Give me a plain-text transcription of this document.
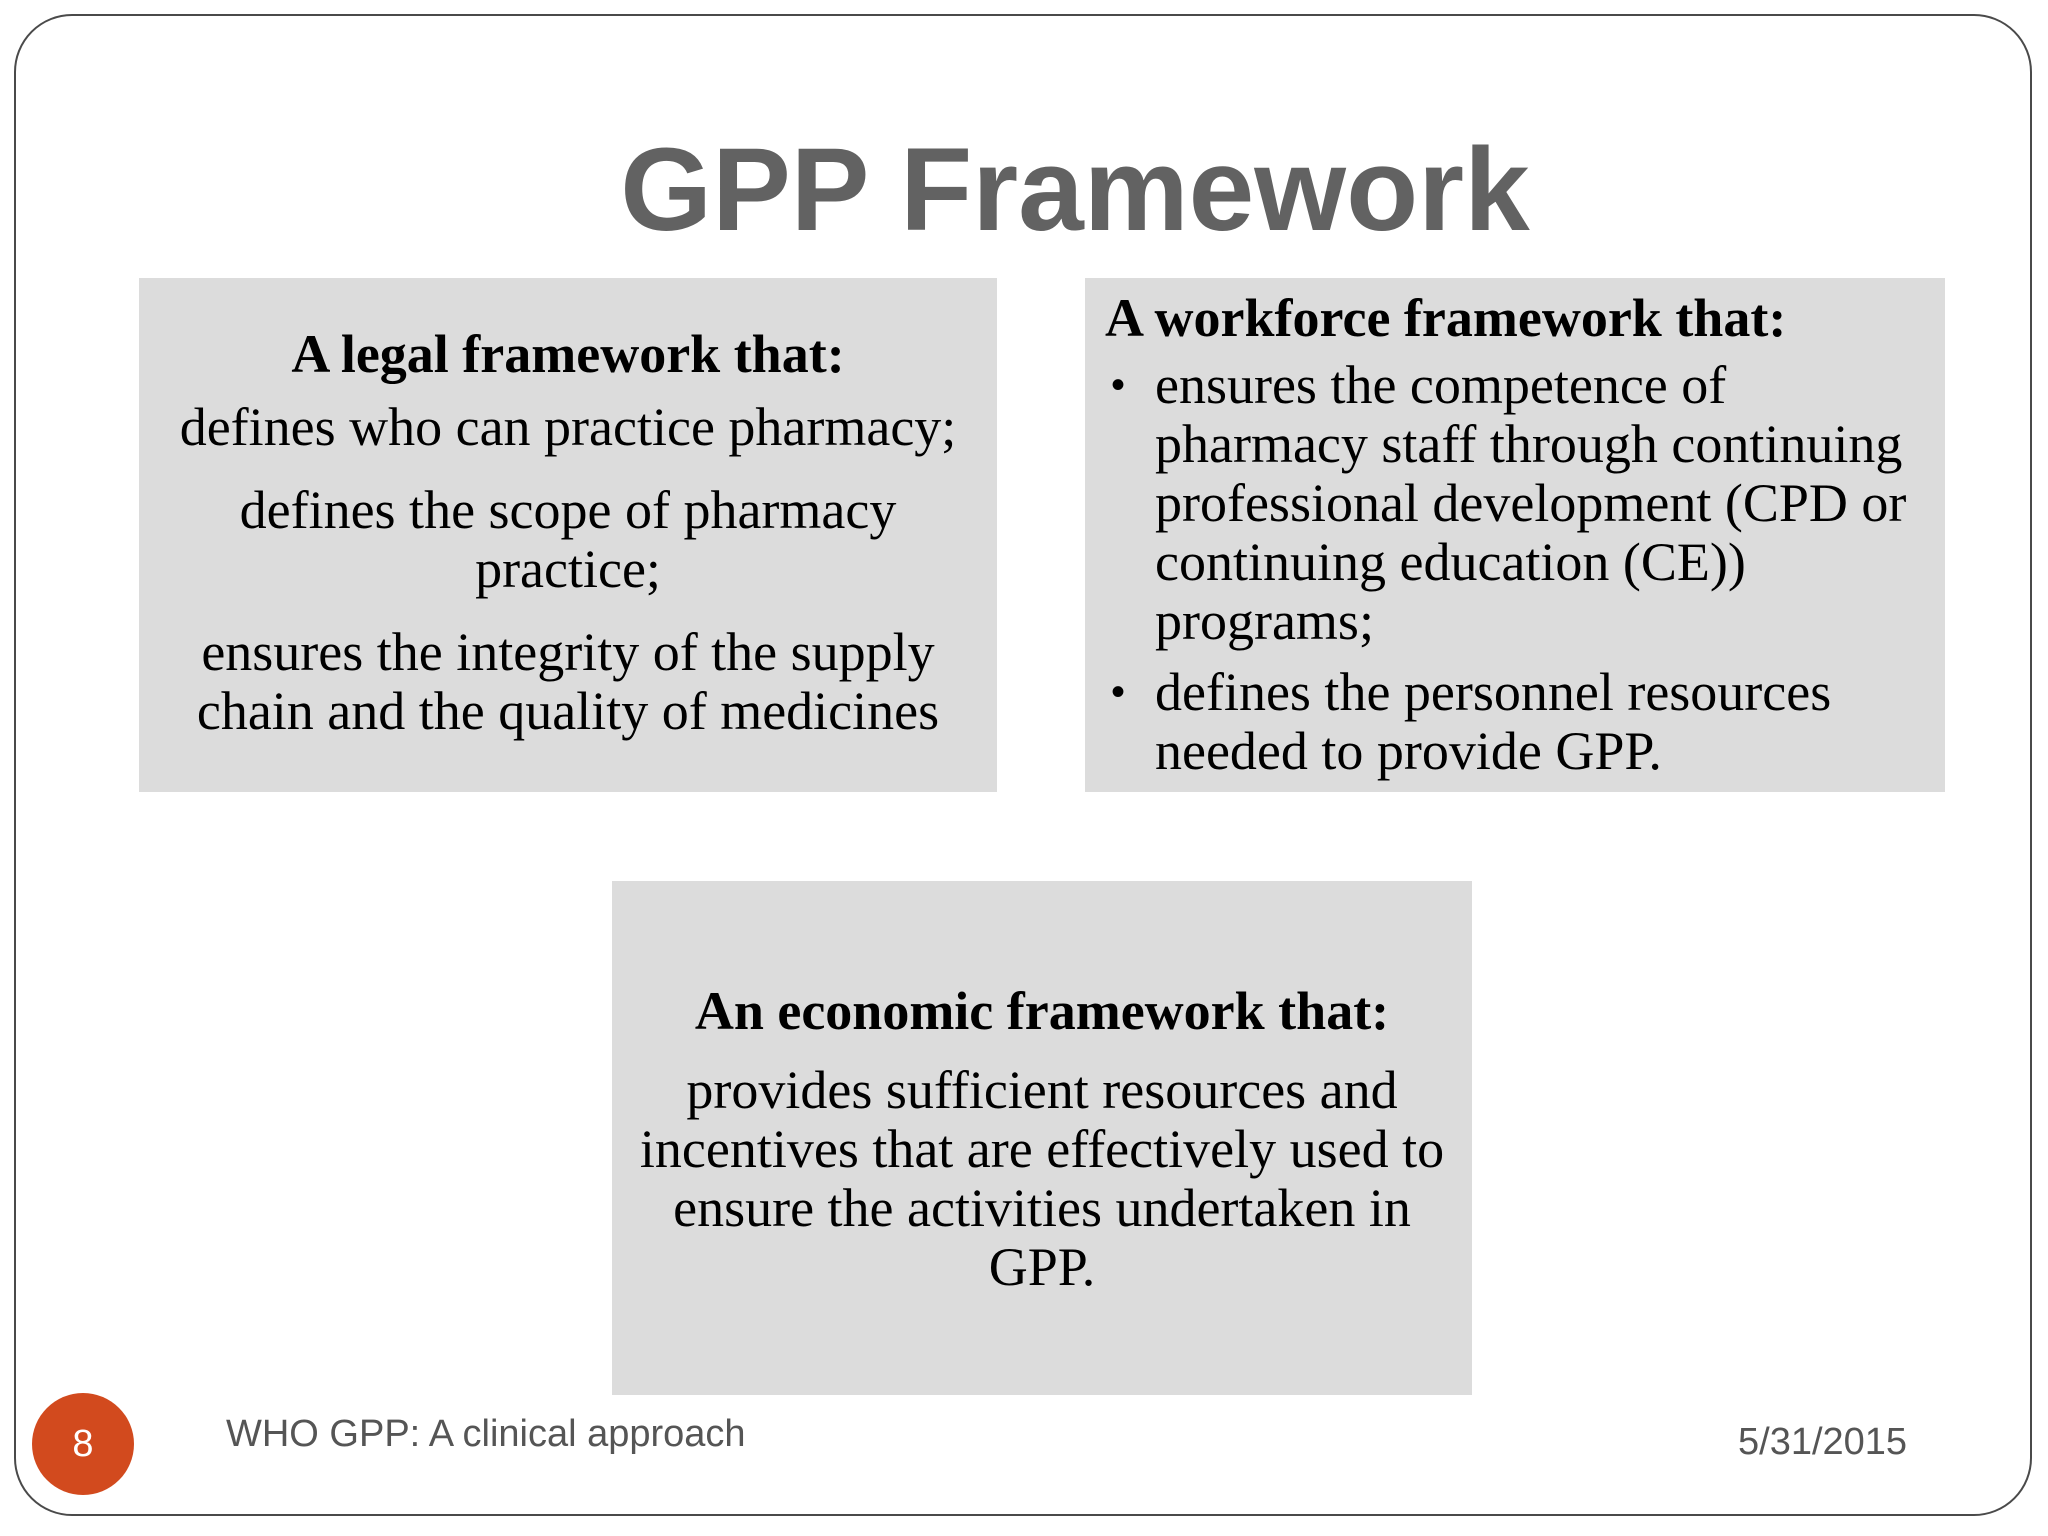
GPP Framework
A legal framework that:
defines who can practice pharmacy;
defines the scope of pharmacy practice;
ensures the integrity of the supply chain and the quality of medicines
A workforce framework that:
• ensures the competence of pharmacy staff through continuing professional development (CPD or continuing education (CE)) programs;
• defines the personnel resources needed to provide GPP.
An economic framework that:
provides sufficient resources and incentives that are effectively used to ensure the activities undertaken in GPP.
8	WHO GPP: A clinical approach	5/31/2015
